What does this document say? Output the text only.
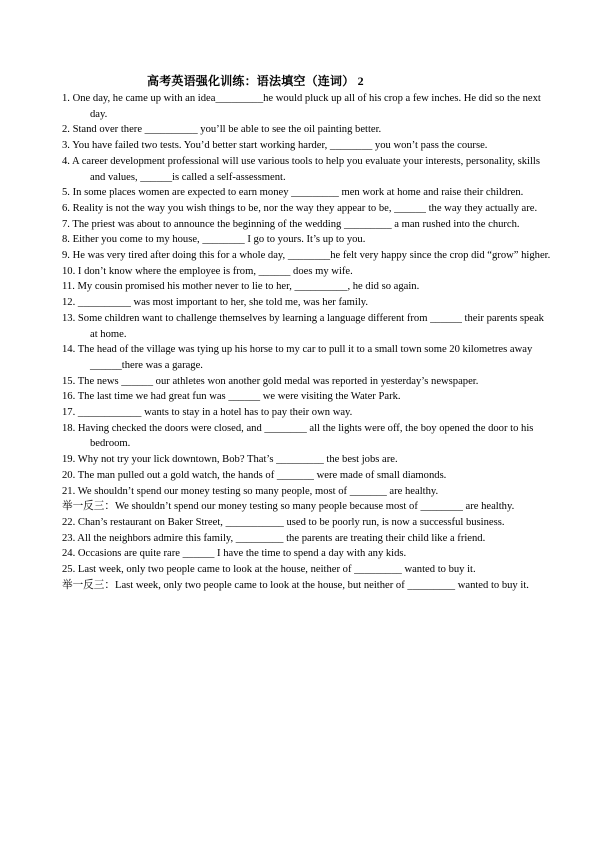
高考英语强化训练：语法填空（连词） 2
1. One day, he came up with an idea_________he would pluck up all of his crop a few inches. He did so the next day.
2. Stand over there __________ you’ll be able to see the oil painting better.
3. You have failed two tests. You’d better start working harder, ________ you won’t pass the course.
4. A career development professional will use various tools to help you evaluate your interests, personality, skills and values, ______is called a self-assessment.
5. In some places women are expected to earn money _________ men work at home and raise their children.
6. Reality is not the way you wish things to be, nor the way they appear to be, ______ the way they actually are.
7. The priest was about to announce the beginning of the wedding _________ a man rushed into the church.
8. Either you come to my house, ________ I go to yours. It’s up to you.
9. He was very tired after doing this for a whole day, ________he felt very happy since the crop did “grow” higher.
10. I don’t know where the employee is from, ______ does my wife.
11. My cousin promised his mother never to lie to her, __________, he did so again.
12. __________ was most important to her, she told me, was her family.
13. Some children want to challenge themselves by learning a language different from ______ their parents speak at home.
14. The head of the village was tying up his horse to my car to pull it to a small town some 20 kilometres away ______there was a garage.
15. The news ______ our athletes won another gold medal was reported in yesterday’s newspaper.
16. The last time we had great fun was ______ we were visiting the Water Park.
17. ____________ wants to stay in a hotel has to pay their own way.
18. Having checked the doors were closed, and ________ all the lights were off, the boy opened the door to his bedroom.
19. Why not try your lick downtown, Bob? That’s _________ the best jobs are.
20. The man pulled out a gold watch, the hands of _______ were made of small diamonds.
21. We shouldn’t spend our money testing so many people, most of _______ are healthy.
举一反三：We shouldn’t spend our money testing so many people because most of ________ are healthy.
22. Chan’s restaurant on Baker Street, ___________ used to be poorly run, is now a successful business.
23. All the neighbors admire this family, _________ the parents are treating their child like a friend.
24. Occasions are quite rare ______ I have the time to spend a day with any kids.
25. Last week, only two people came to look at the house, neither of _________ wanted to buy it.
举一反三：Last week, only two people came to look at the house, but neither of _________ wanted to buy it.
